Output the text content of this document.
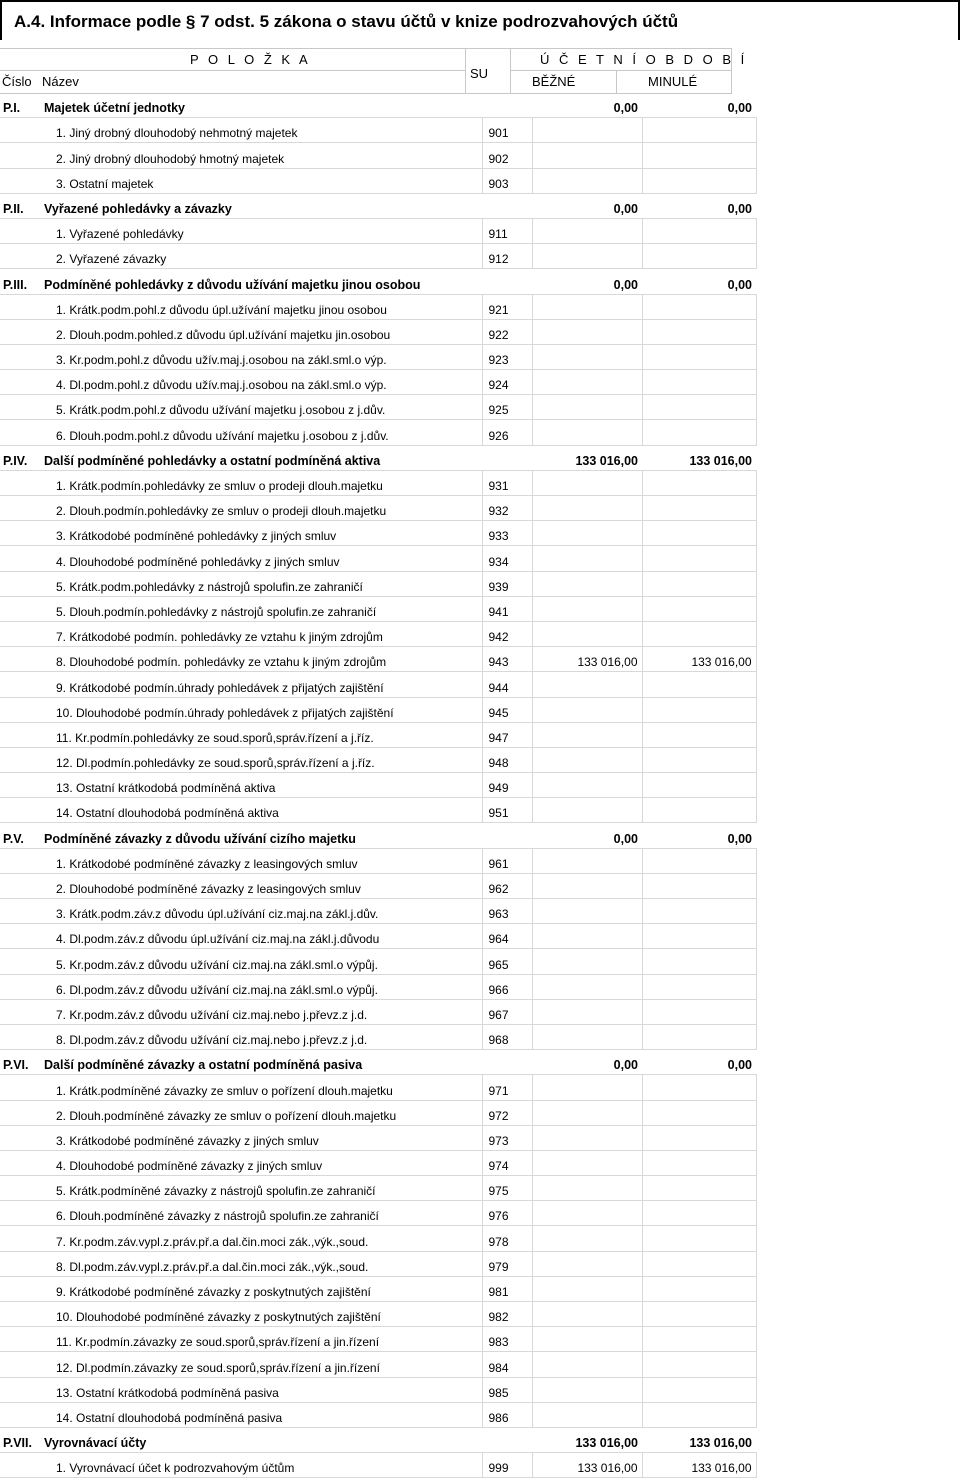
A.4. Informace podle § 7 odst. 5 zákona o stavu účtů v knize podrozvahových účtů
P O L O Ž K A
SU
Ú Č E T N Í O B D O B Í
Číslo Název	BĚŽNÉ	MINULÉ
P.I.	Majetek účetní jednotky		0,00	0,00
	1. Jiný drobný dlouhodobý nehmotný majetek	901		
	2. Jiný drobný dlouhodobý hmotný majetek	902		
	3. Ostatní majetek	903		
P.II.	Vyřazené pohledávky a závazky		0,00	0,00
	1. Vyřazené pohledávky	911		
	2. Vyřazené závazky	912		
P.III.	Podmíněné pohledávky z důvodu užívání majetku jinou osobou		0,00	0,00
	1. Krátk.podm.pohl.z důvodu úpl.užívání majetku jinou osobou	921		
	2. Dlouh.podm.pohled.z důvodu úpl.užívání majetku jin.osobou	922		
	3. Kr.podm.pohl.z důvodu užív.maj.j.osobou na zákl.sml.o výp.	923		
	4. Dl.podm.pohl.z důvodu užív.maj.j.osobou na zákl.sml.o výp.	924		
	5. Krátk.podm.pohl.z důvodu užívání majetku j.osobou z j.dův.	925		
	6. Dlouh.podm.pohl.z důvodu užívání majetku j.osobou z j.dův.	926		
P.IV.	Další podmíněné pohledávky a ostatní podmíněná aktiva		133 016,00	133 016,00
	1. Krátk.podmín.pohledávky ze smluv o prodeji dlouh.majetku	931		
	2. Dlouh.podmín.pohledávky ze smluv o prodeji dlouh.majetku	932		
	3. Krátkodobé podmíněné pohledávky z jiných smluv	933		
	4. Dlouhodobé podmíněné pohledávky z jiných smluv	934		
	5. Krátk.podm.pohledávky z nástrojů spolufin.ze zahraničí	939		
	5. Dlouh.podmín.pohledávky z nástrojů spolufin.ze zahraničí	941		
	7. Krátkodobé podmín. pohledávky ze vztahu k jiným zdrojům	942		
	8. Dlouhodobé podmín. pohledávky ze vztahu k jiným zdrojům	943	133 016,00	133 016,00
	9. Krátkodobé podmín.úhrady pohledávek z přijatých zajištění	944		
	10. Dlouhodobé podmín.úhrady pohledávek z přijatých zajištění	945		
	11. Kr.podmín.pohledávky ze soud.sporů,správ.řízení a j.říz.	947		
	12. Dl.podmín.pohledávky ze soud.sporů,správ.řízení a j.říz.	948		
	13. Ostatní krátkodobá podmíněná aktiva	949		
	14. Ostatní dlouhodobá podmíněná aktiva	951		
P.V.	Podmíněné závazky z důvodu užívání cizího majetku		0,00	0,00
	1. Krátkodobé podmíněné závazky z leasingových smluv	961		
	2. Dlouhodobé podmíněné závazky z leasingových smluv	962		
	3. Krátk.podm.záv.z důvodu úpl.užívání ciz.maj.na zákl.j.dův.	963		
	4. Dl.podm.záv.z důvodu úpl.užívání ciz.maj.na zákl.j.důvodu	964		
	5. Kr.podm.záv.z důvodu užívání ciz.maj.na zákl.sml.o výpůj.	965		
	6. Dl.podm.záv.z důvodu užívání ciz.maj.na zákl.sml.o výpůj.	966		
	7. Kr.podm.záv.z důvodu užívání ciz.maj.nebo j.převz.z j.d.	967		
	8. Dl.podm.záv.z důvodu užívání ciz.maj.nebo j.převz.z j.d.	968		
P.VI.	Další podmíněné závazky a ostatní podmíněná pasiva		0,00	0,00
	1. Krátk.podmíněné závazky ze smluv o pořízení dlouh.majetku	971		
	2. Dlouh.podmíněné závazky ze smluv o pořízení dlouh.majetku	972		
	3. Krátkodobé podmíněné závazky z jiných smluv	973		
	4. Dlouhodobé podmíněné závazky z jiných smluv	974		
	5. Krátk.podmíněné závazky z nástrojů spolufin.ze zahraničí	975		
	6. Dlouh.podmíněné závazky z nástrojů spolufin.ze zahraničí	976		
	7. Kr.podm.záv.vypl.z.práv.př.a dal.čin.moci zák.,výk.,soud.	978		
	8. Dl.podm.záv.vypl.z.práv.př.a dal.čin.moci zák.,výk.,soud.	979		
	9. Krátkodobé podmíněné závazky z poskytnutých zajištění	981		
	10. Dlouhodobé podmíněné závazky z poskytnutých zajištění	982		
	11. Kr.podmín.závazky ze soud.sporů,správ.řízení a jin.řízení	983		
	12. Dl.podmín.závazky ze soud.sporů,správ.řízení a jin.řízení	984		
	13. Ostatní krátkodobá podmíněná pasiva	985		
	14. Ostatní dlouhodobá podmíněná pasiva	986		
P.VII.	Vyrovnávací účty		133 016,00	133 016,00
	1. Vyrovnávací účet k podrozvahovým účtům	999	133 016,00	133 016,00
